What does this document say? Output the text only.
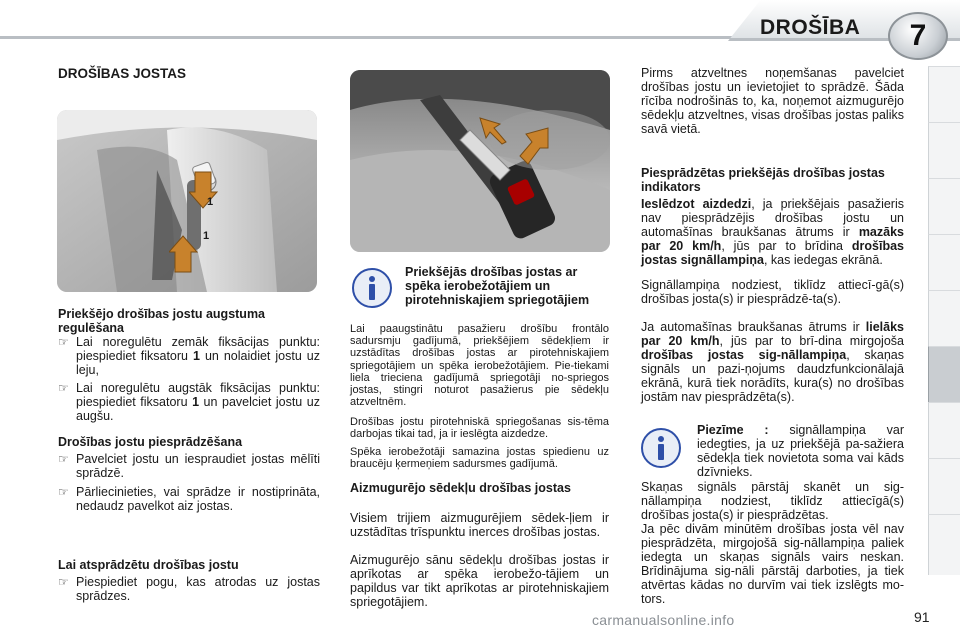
DROŠĪBA	7
DROŠĪBAS JOSTAS
1
1
Priekšējo drošības jostu augstuma regulēšana
☞ Lai noregulētu zemāk fiksācijas punktu: piespiediet fiksatoru 1 un nolaidiet jostu uz leju,
☞ Lai noregulētu augstāk fiksācijas punktu: piespiediet fiksatoru 1 un pavelciet jostu uz augšu.
Drošības jostu piesprādzēšana
☞ Pavelciet jostu un iespraudiet jostas mēlīti sprādzē.
☞ Pārliecinieties, vai sprādze ir nostiprināta, nedaudz pavelkot aiz jostas.
Lai atsprādzētu drošības jostu
☞ Piespiediet pogu, kas atrodas uz jostas sprādzes.
Priekšējās drošības jostas ar spēka ierobežotājiem un pirotehniskajiem spriegotājiem
Lai paaugstinātu pasažieru drošību frontālo sadursmju gadījumā, priekšējiem sēdekļiem ir uzstādītas drošības jostas ar pirotehniskajiem spriegotājiem un spēka ierobežotājiem. Pie-tiekami liela trieciena gadījumā spriegotāji no-spriegos jostas, stingri noturot pasažierus pie sēdekļu atzveltnēm.
Drošības jostu pirotehniskā spriegošanas sis-tēma darbojas tikai tad, ja ir ieslēgta aizdedze.
Spēka ierobežotāji samazina jostas spiedienu uz braucēju ķermeņiem sadursmes gadījumā.
Aizmugurējo sēdekļu drošības jostas
Visiem trijiem aizmugurējiem sēdek-ļiem ir uzstādītas trīspunktu inerces drošības jostas.
Aizmugurējo sānu sēdekļu drošības jostas ir aprīkotas ar spēka ierobežo-tājiem un papildus var tikt aprīkotas ar pirotehniskajiem spriegotājiem.
Pirms atzveltnes noņemšanas pavelciet drošības jostu un ievietojiet to sprādzē. Šāda rīcība nodrošinās to, ka, noņemot aizmugurējo sēdekļu atzveltnes, visas drošības jostas paliks savā vietā.
Piesprādzētas priekšējās drošības jostas indikators
Ieslēdzot aizdedzi, ja priekšējais pasažieris nav piesprādzējis drošības jostu un automašīnas braukšanas ātrums ir mazāks par 20 km/h, jūs par to brīdina drošības jostas signāllampiņa, kas iedegas ekrānā.
Signāllampiņa nodziest, tiklīdz attiecī-gā(s) drošības josta(s) ir piesprādzē-ta(s).
Ja automašīnas braukšanas ātrums ir lielāks par 20 km/h, jūs par to brī-dina mirgojoša drošības jostas sig-nāllampiņa, skaņas signāls un pazi-ņojums daudzfunkcionālajā ekrānā, kurā tiek norādīts, kura(s) no drošības jostām nav piesprādzēta(s).
Piezīme : signāllampiņa var iedegties, ja uz priekšējā pa-sažiera sēdekļa tiek novietota soma vai kāds dzīvnieks.
Skaņas signāls pārstāj skanēt un sig-nāllampiņa nodziest, tiklīdz attiecīgā(s) drošības josta(s) ir piesprādzētas.
Ja pēc divām minūtēm drošības josta vēl nav piesprādzēta, mirgojošā sig-nāllampiņa paliek iedegta un skaņas signāls vairs neskan. Brīdinājuma sig-nāli pārstāj darboties, ja tiek atvērtas kādas no durvīm vai tiek izslēgts mo-tors.
carmanualsonline.info	91
